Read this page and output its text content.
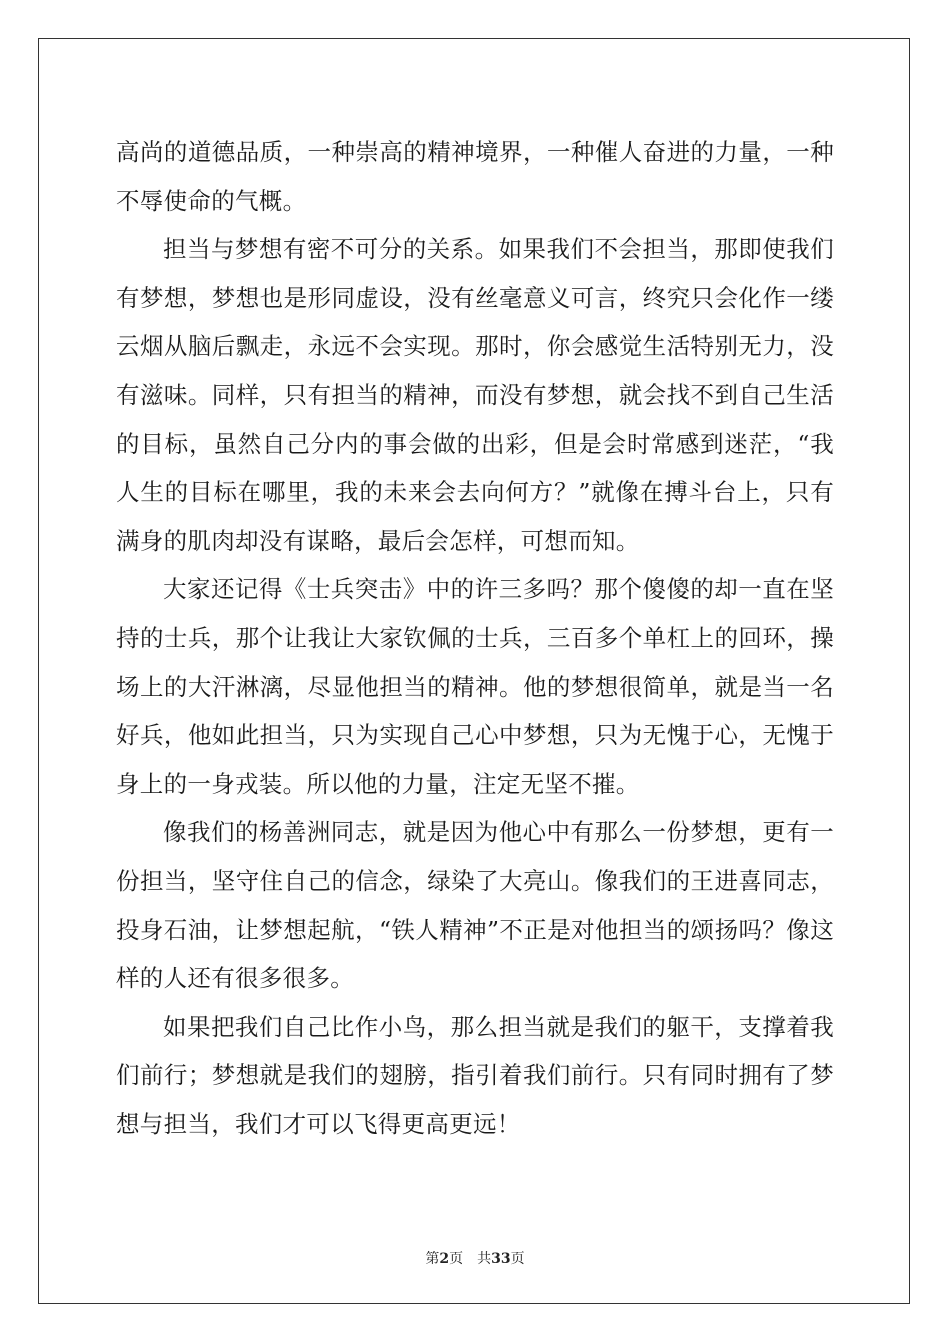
高尚的道德品质，一种崇高的精神境界，一种催人奋进的力量，一种不辱使命的气概。

担当与梦想有密不可分的关系。如果我们不会担当，那即使我们有梦想，梦想也是形同虚设，没有丝毫意义可言，终究只会化作一缕云烟从脑后飘走，永远不会实现。那时，你会感觉生活特别无力，没有滋味。同样，只有担当的精神，而没有梦想，就会找不到自己生活的目标，虽然自己分内的事会做的出彩，但是会时常感到迷茫，“我人生的目标在哪里，我的未来会去向何方？”就像在搏斗台上，只有满身的肌肉却没有谋略，最后会怎样，可想而知。

大家还记得《士兵突击》中的许三多吗？那个傻傻的却一直在坚持的士兵，那个让我让大家钦佩的士兵，三百多个单杠上的回环，操场上的大汗淋漓，尽显他担当的精神。他的梦想很简单，就是当一名好兵，他如此担当，只为实现自己心中梦想，只为无愧于心，无愧于身上的一身戎装。所以他的力量，注定无坚不摧。

像我们的杨善洲同志，就是因为他心中有那么一份梦想，更有一份担当，坚守住自己的信念，绿染了大亮山。像我们的王进喜同志，投身石油，让梦想起航，“铁人精神”不正是对他担当的颂扬吗？像这样的人还有很多很多。

如果把我们自己比作小鸟，那么担当就是我们的躯干，支撑着我们前行；梦想就是我们的翅膀，指引着我们前行。只有同时拥有了梦想与担当，我们才可以飞得更高更远！

第2页 共33页
